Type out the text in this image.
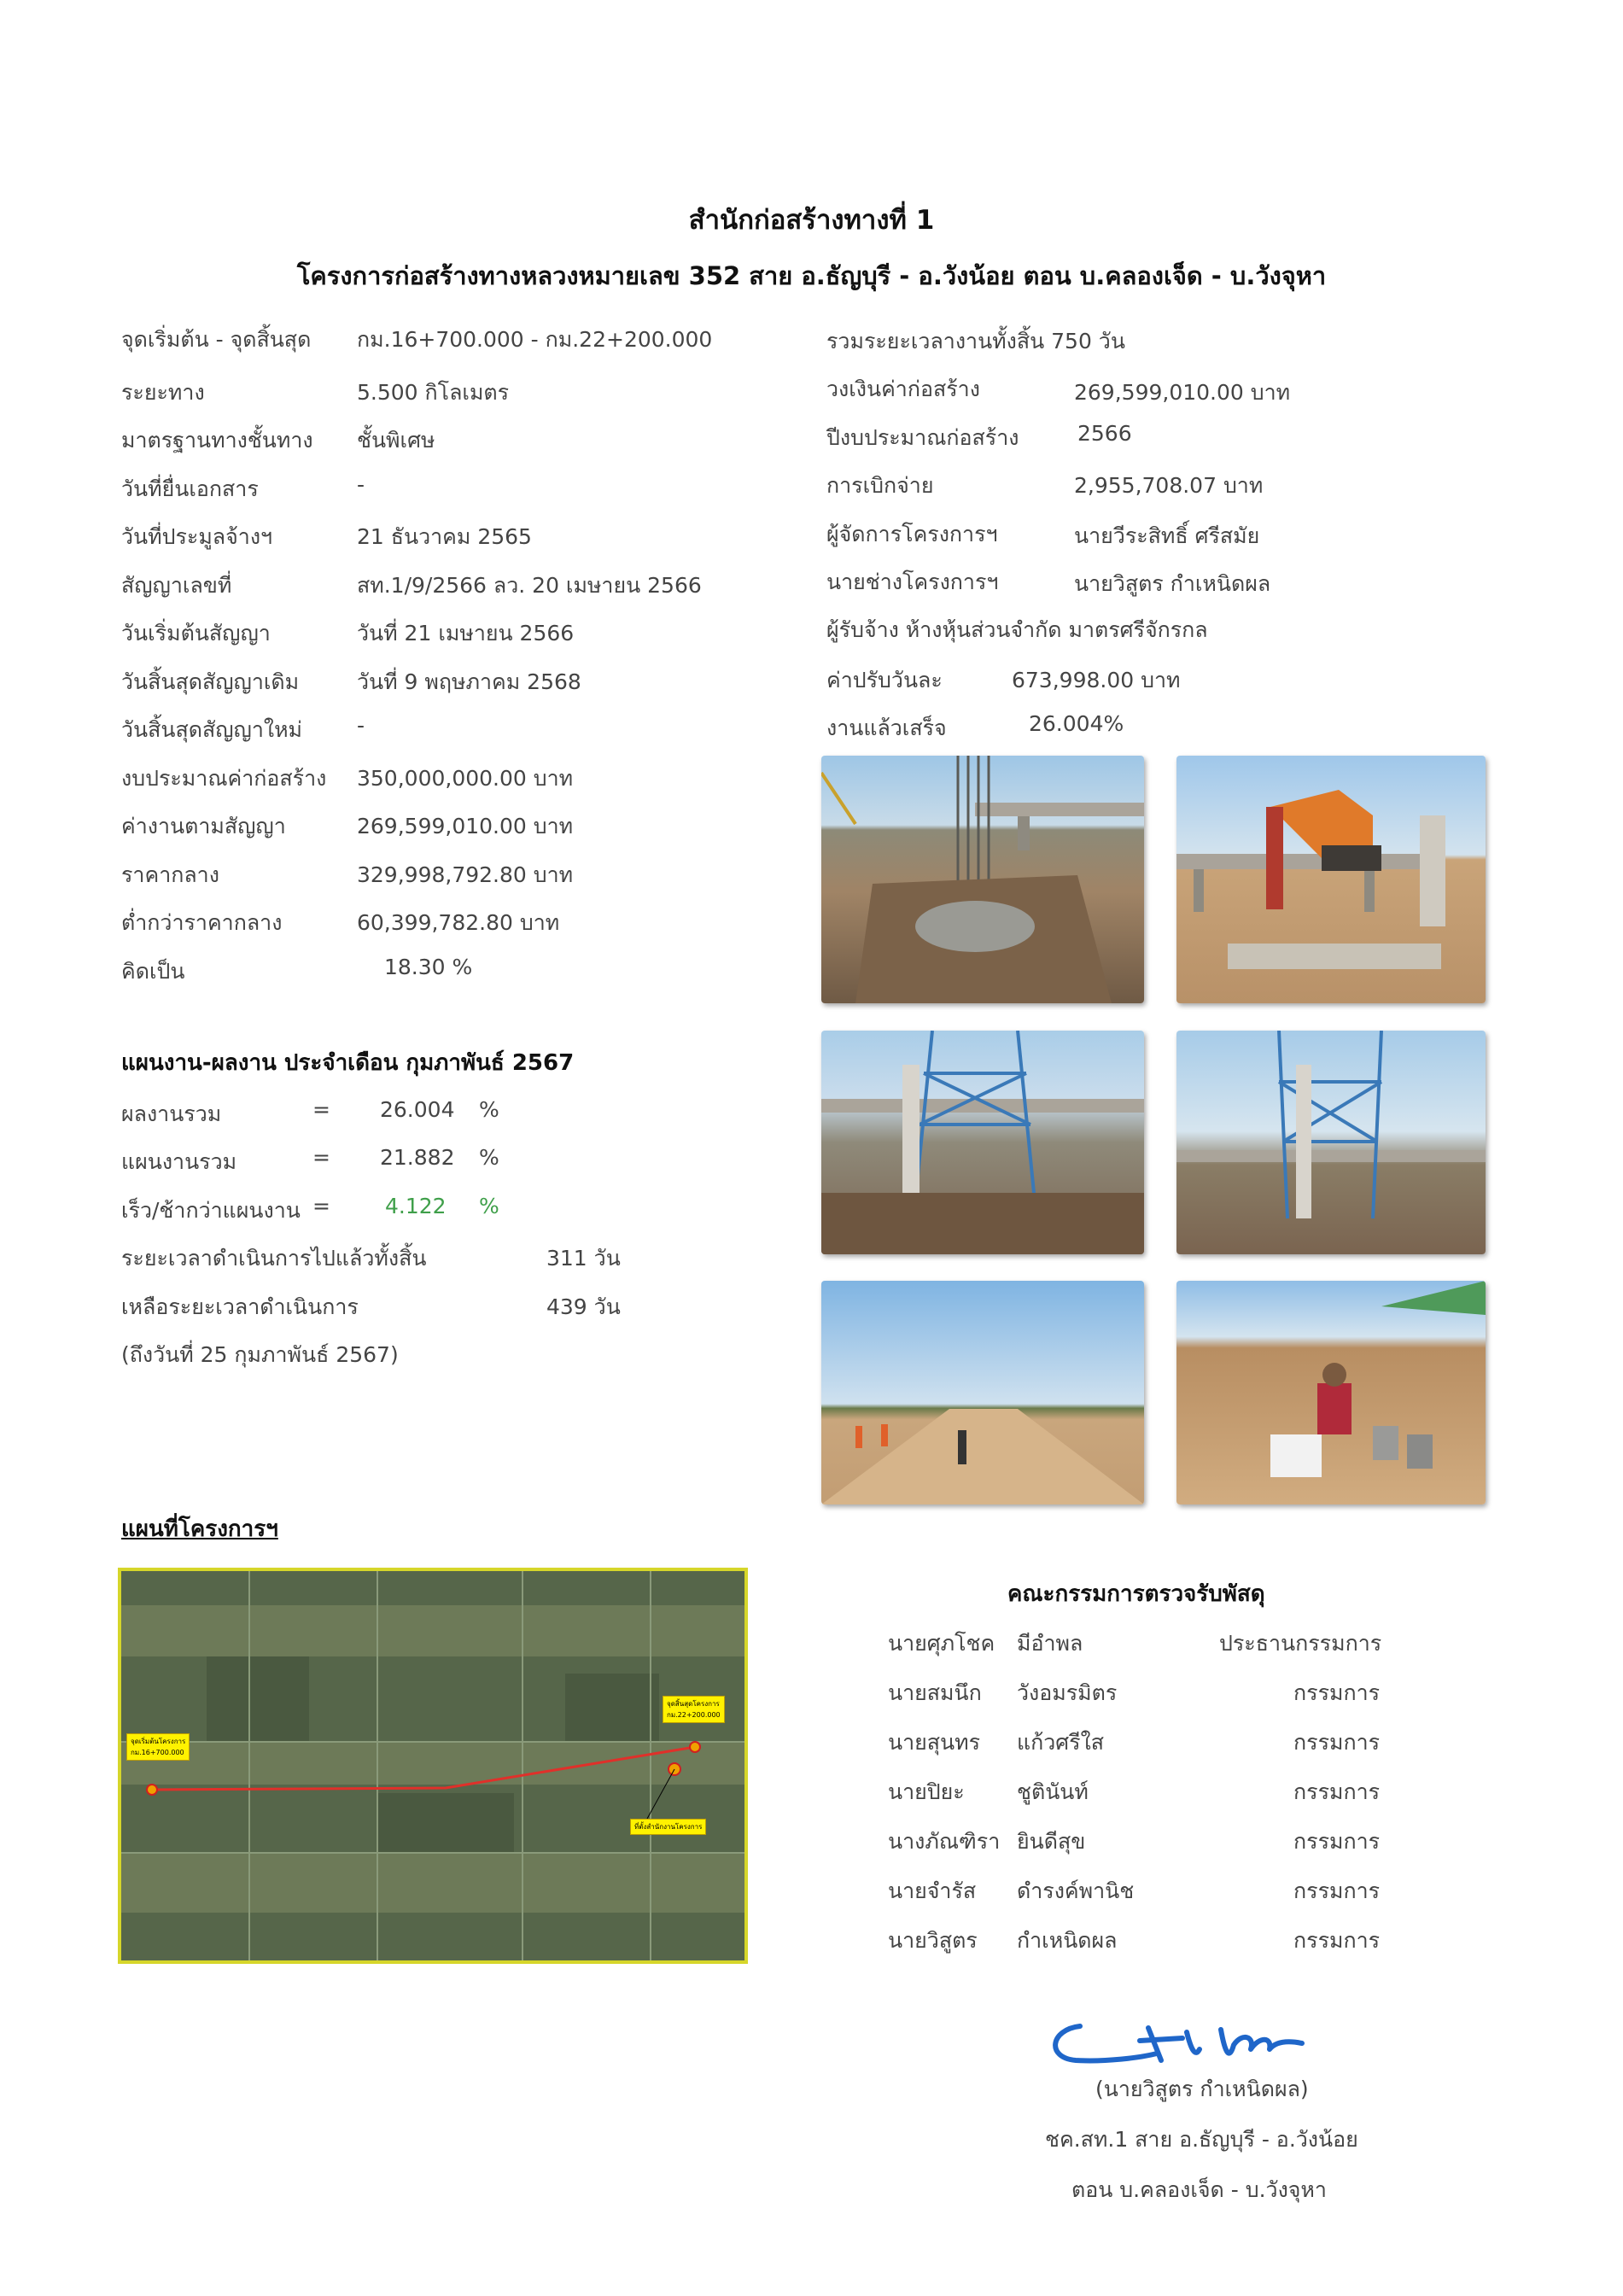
สำนักก่อสร้างทางที่ 1
โครงการก่อสร้างทางหลวงหมายเลข 352 สาย อ.ธัญบุรี - อ.วังน้อย ตอน บ.คลองเจ็ด - บ.วังจุหา
จุดเริ่มต้น - จุดสิ้นสุด กม.16+700.000 - กม.22+200.000
ระยะทาง	5.500 กิโลเมตร
มาตรฐานทางชั้นทาง ชั้นพิเศษ
วันที่ยื่นเอกสาร	-
วันที่ประมูลจ้างฯ	21 ธันวาคม 2565
สัญญาเลขที่	สท.1/9/2566 ลว. 20 เมษายน 2566
วันเริ่มต้นสัญญา	วันที่ 21 เมษายน 2566
วันสิ้นสุดสัญญาเดิม	วันที่ 9 พฤษภาคม 2568
วันสิ้นสุดสัญญาใหม่	-
งบประมาณค่าก่อสร้าง 350,000,000.00 บาท
ค่างานตามสัญญา	269,599,010.00 บาท
ราคากลาง	329,998,792.80 บาท
ต่ำกว่าราคากลาง	60,399,782.80 บาท
คิดเป็น	18.30 %
รวมระยะเวลางานทั้งสิ้น 750 วัน
วงเงินค่าก่อสร้าง	269,599,010.00 บาท
ปีงบประมาณก่อสร้าง	2566
การเบิกจ่าย	2,955,708.07 บาท
ผู้จัดการโครงการฯ	นายวีระสิทธิ์ ศรีสมัย
นายช่างโครงการฯ	นายวิสูตร กำเหนิดผล
ผู้รับจ้าง ห้างหุ้นส่วนจำกัด มาตรศรีจักรกล
ค่าปรับวันละ	673,998.00 บาท
งานแล้วเสร็จ	26.004%
แผนงาน-ผลงาน ประจำเดือน กุมภาพันธ์ 2567
ผลงานรวม	= 26.004 %
แผนงานรวม	= 21.882 %
เร็ว/ช้ากว่าแผนงาน =	4.122 %
ระยะเวลาดำเนินการไปแล้วทั้งสิ้น	311 วัน
เหลือระยะเวลาดำเนินการ	439 วัน
(ถึงวันที่ 25 กุมภาพันธ์ 2567)
แผนที่โครงการฯ
จุดเริ่มต้นโครงการ
กม.16+700.000
จุดสิ้นสุดโครงการ
กม.22+200.000
ที่ตั้งสำนักงานโครงการ
คณะกรรมการตรวจรับพัสดุ
นายศุภโชค มีอำพล	ประธานกรรมการ
นายสมนึก วังอมรมิตร	กรรมการ
นายสุนทร แก้วศรีใส	กรรมการ
นายปิยะ ชูตินันท์	กรรมการ
นางภัณฑิรา ยินดีสุข	กรรมการ
นายจำรัส ดำรงค์พานิช	กรรมการ
นายวิสูตร กำเหนิดผล	กรรมการ
(นายวิสูตร กำเหนิดผล)
ชค.สท.1 สาย อ.ธัญบุรี - อ.วังน้อย
ตอน บ.คลองเจ็ด - บ.วังจุหา
